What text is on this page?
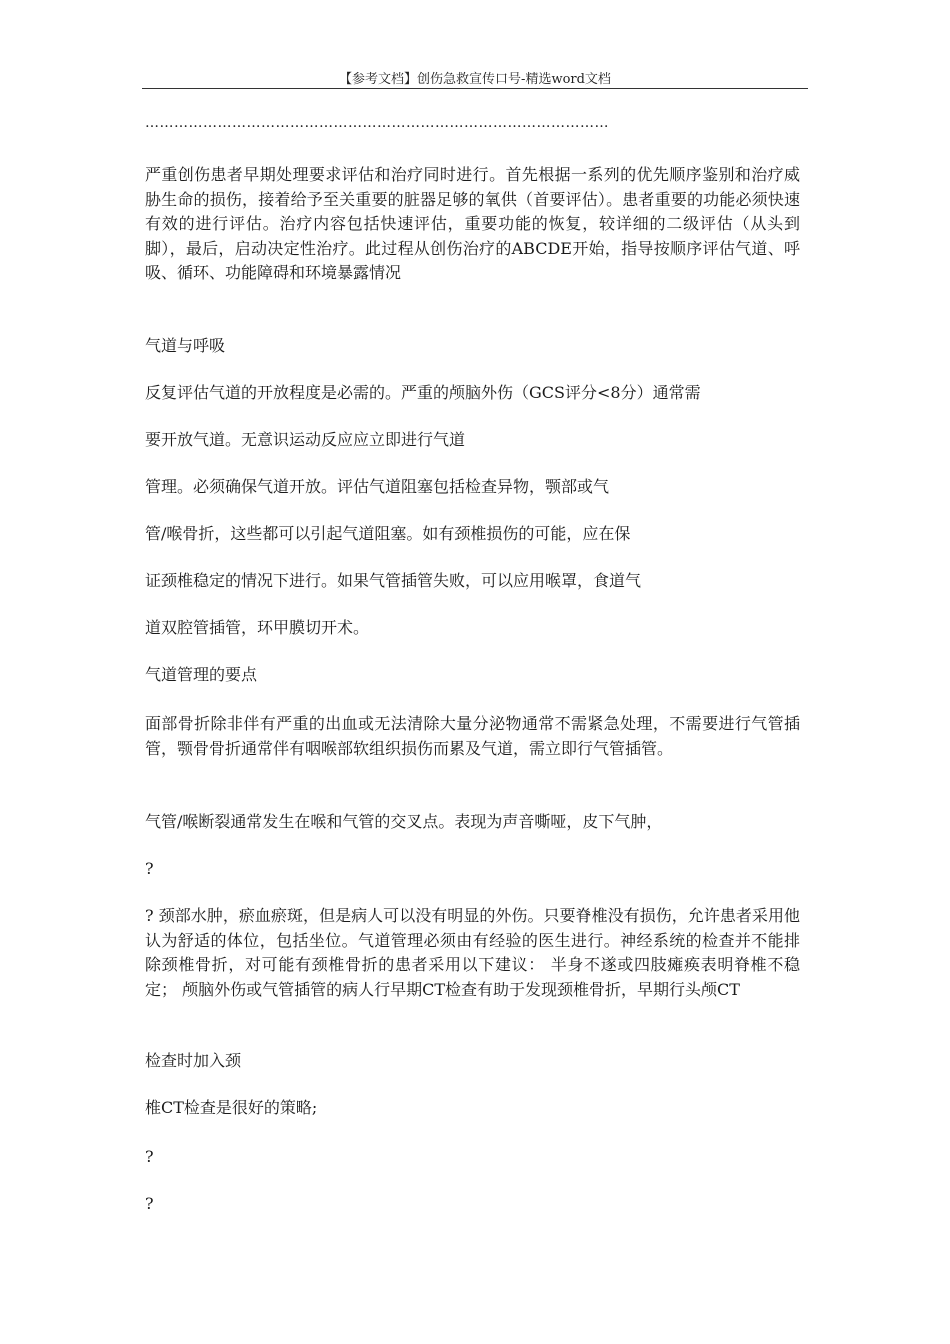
【参考文档】创伤急救宣传口号-精选word文档
……………………………………………………………………………………

严重创伤患者早期处理要求评估和治疗同时进行。首先根据一系列的优先顺序鉴别和治疗威胁生命的损伤，接着给予至关重要的脏器足够的氧供（首要评估）。患者重要的功能必须快速有效的进行评估。治疗内容包括快速评估，重要功能的恢复，较详细的二级评估（从头到脚），最后，启动决定性治疗。此过程从创伤治疗的ABCDE开始，指导按顺序评估气道、呼吸、循环、功能障碍和环境暴露情况

气道与呼吸

反复评估气道的开放程度是必需的。严重的颅脑外伤（GCS评分<8分）通常需

要开放气道。无意识运动反应应立即进行气道

管理。必须确保气道开放。评估气道阻塞包括检查异物，颚部或气

管/喉骨折，这些都可以引起气道阻塞。如有颈椎损伤的可能，应在保

证颈椎稳定的情况下进行。如果气管插管失败，可以应用喉罩，食道气

道双腔管插管，环甲膜切开术。

气道管理的要点

面部骨折除非伴有严重的出血或无法清除大量分泌物通常不需紧急处理，不需要进行气管插管，颚骨骨折通常伴有咽喉部软组织损伤而累及气道，需立即行气管插管。

气管/喉断裂通常发生在喉和气管的交叉点。表现为声音嘶哑，皮下气肿，

?

? 颈部水肿，瘀血瘀斑，但是病人可以没有明显的外伤。只要脊椎没有损伤，允许患者采用他认为舒适的体位，包括坐位。气道管理必须由有经验的医生进行。神经系统的检查并不能排除颈椎骨折，对可能有颈椎骨折的患者采用以下建议： 半身不遂或四肢瘫痪表明脊椎不稳定； 颅脑外伤或气管插管的病人行早期CT检查有助于发现颈椎骨折，早期行头颅CT

检查时加入颈

椎CT检查是很好的策略;

?

?
